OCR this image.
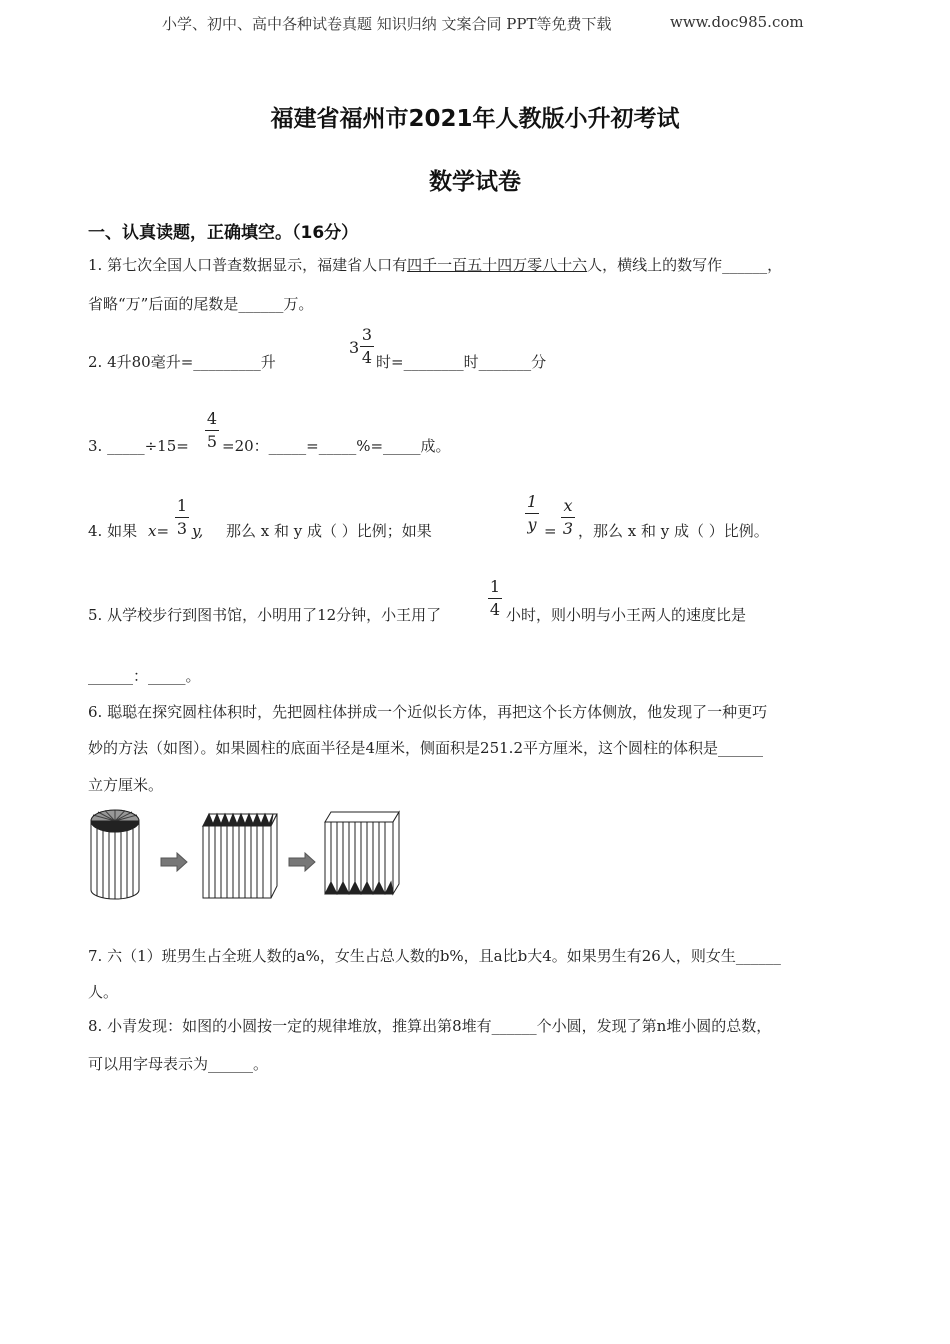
小学、初中、高中各种试卷真题 知识归纳 文案合同 PPT等免费下载	www.doc985.com
福建省福州市2021年人教版小升初考试
数学试卷
一、认真读题，正确填空。（16分）
1. 第七次全国人口普查数据显示，福建省人口有四千一百五十四万零八十六人，横线上的数写作______，
省略“万”后面的尾数是______万。
2. 4升80毫升=_________升
3
3
4 时=________时_______分
3. _____÷15=
4
5 =20：_____=_____%=_____成。
4. 如果 x=
1
3 y, 那么 x 和 y 成（ ）比例；如果
1
y =
x
3 ，那么 x 和 y 成（ ）比例。
5. 从学校步行到图书馆，小明用了12分钟，小王用了
1
4 小时，则小明与小王两人的速度比是
______：_____。
6. 聪聪在探究圆柱体积时，先把圆柱体拼成一个近似长方体，再把这个长方体侧放，他发现了一种更巧
妙的方法（如图）。如果圆柱的底面半径是4厘米，侧面积是251.2平方厘米，这个圆柱的体积是______
立方厘米。
7. 六（1）班男生占全班人数的a%，女生占总人数的b%，且a比b大4。如果男生有26人，则女生______
人。
8. 小青发现：如图的小圆按一定的规律堆放，推算出第8堆有______个小圆，发现了第n堆小圆的总数，
可以用字母表示为______。
